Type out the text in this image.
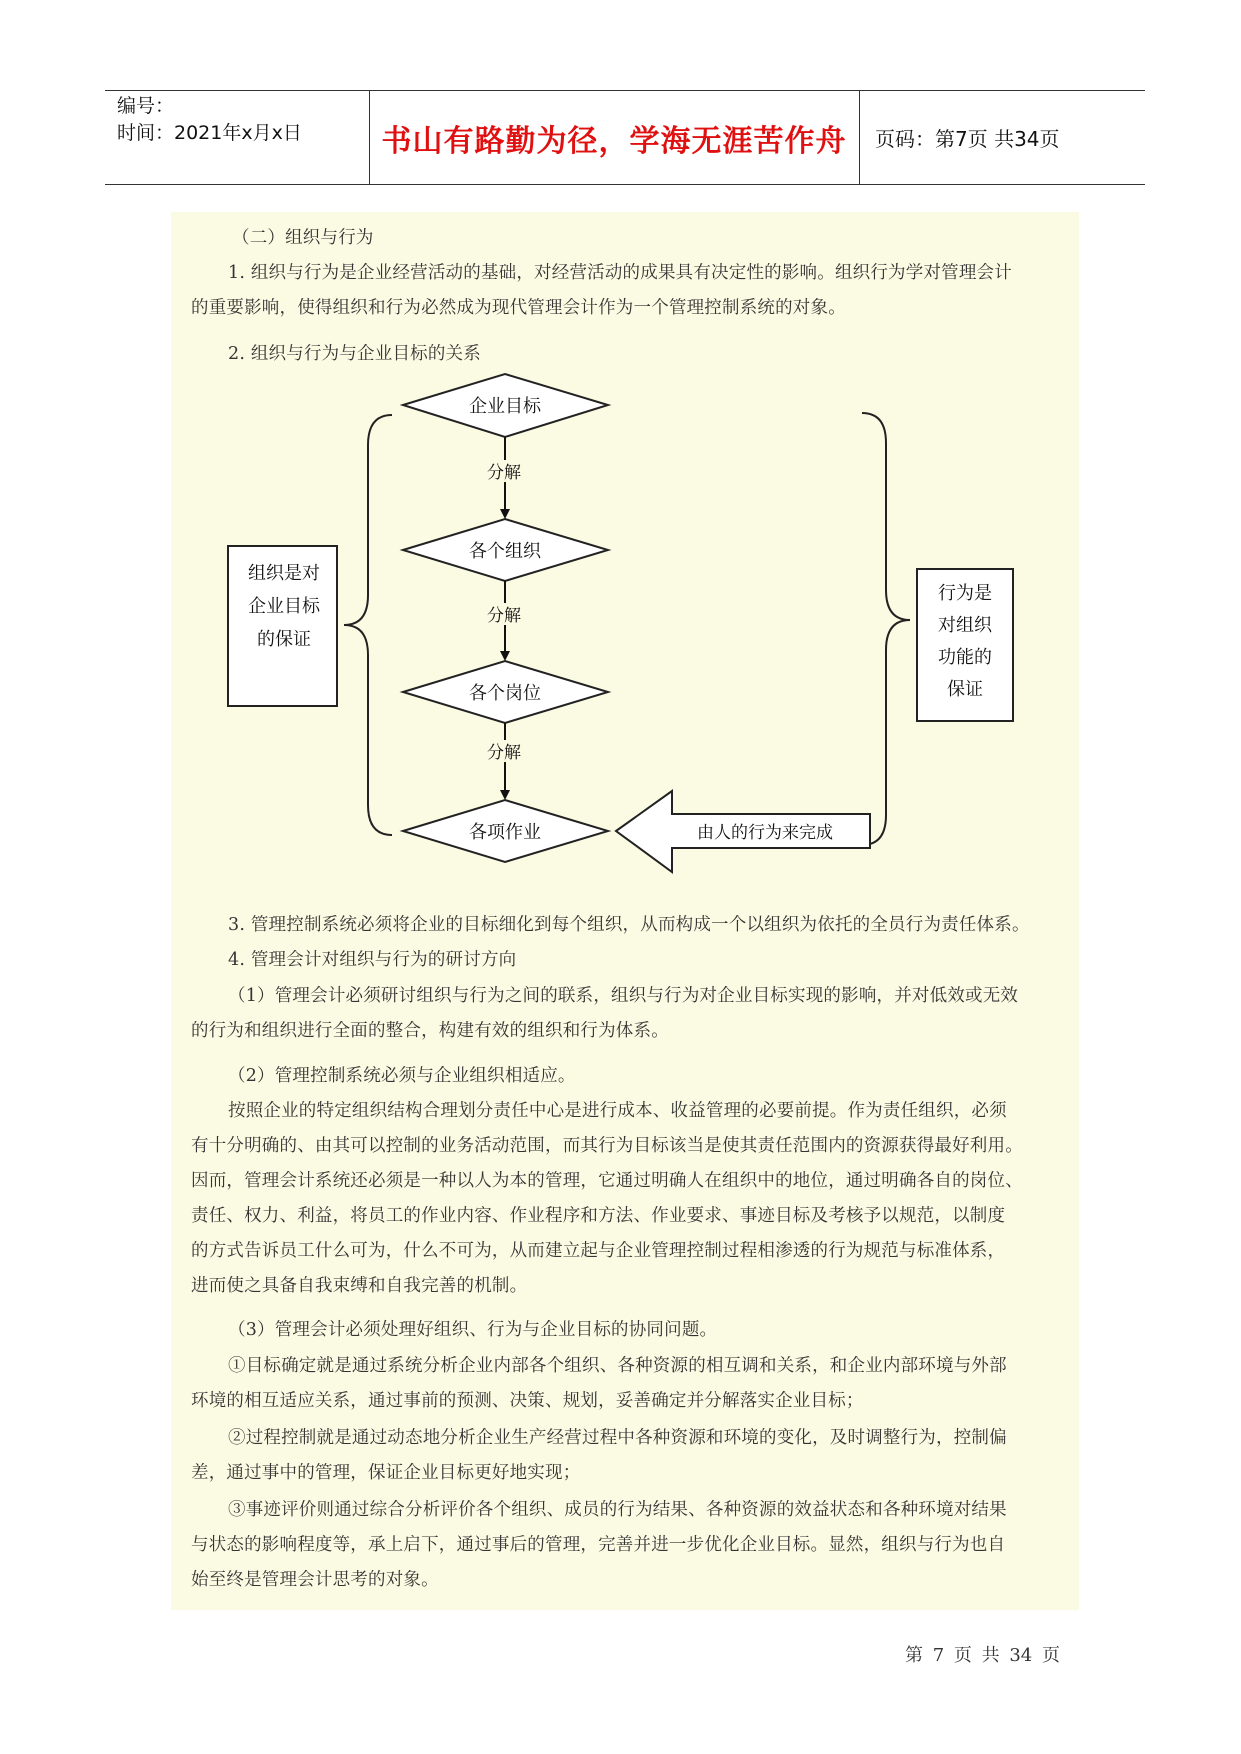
编号：
时间：2021年x月x日	书山有路勤为径，学海无涯苦作舟	页码：第7页 共34页
（二）组织与行为
1. 组织与行为是企业经营活动的基础，对经营活动的成果具有决定性的影响。组织行为学对管理会计
的重要影响，使得组织和行为必然成为现代管理会计作为一个管理控制系统的对象。
2. 组织与行为与企业目标的关系
企业目标
各个组织
各个岗位
各项作业
分解
分解
分解
组织是对
企业目标
的保证
行为是
对组织
功能的
保证
由人的行为来完成
3. 管理控制系统必须将企业的目标细化到每个组织，从而构成一个以组织为依托的全员行为责任体系。
4. 管理会计对组织与行为的研讨方向
（1）管理会计必须研讨组织与行为之间的联系，组织与行为对企业目标实现的影响，并对低效或无效
的行为和组织进行全面的整合，构建有效的组织和行为体系。
（2）管理控制系统必须与企业组织相适应。
按照企业的特定组织结构合理划分责任中心是进行成本、收益管理的必要前提。作为责任组织，必须
有十分明确的、由其可以控制的业务活动范围，而其行为目标该当是使其责任范围内的资源获得最好利用。
因而，管理会计系统还必须是一种以人为本的管理，它通过明确人在组织中的地位，通过明确各自的岗位、
责任、权力、利益，将员工的作业内容、作业程序和方法、作业要求、事迹目标及考核予以规范，以制度
的方式告诉员工什么可为，什么不可为，从而建立起与企业管理控制过程相渗透的行为规范与标准体系，
进而使之具备自我束缚和自我完善的机制。
（3）管理会计必须处理好组织、行为与企业目标的协同问题。
①目标确定就是通过系统分析企业内部各个组织、各种资源的相互调和关系，和企业内部环境与外部
环境的相互适应关系，通过事前的预测、决策、规划，妥善确定并分解落实企业目标；
②过程控制就是通过动态地分析企业生产经营过程中各种资源和环境的变化，及时调整行为，控制偏
差，通过事中的管理，保证企业目标更好地实现；
③事迹评价则通过综合分析评价各个组织、成员的行为结果、各种资源的效益状态和各种环境对结果
与状态的影响程度等，承上启下，通过事后的管理，完善并进一步优化企业目标。显然，组织与行为也自
始至终是管理会计思考的对象。
第 7 页 共 34 页
